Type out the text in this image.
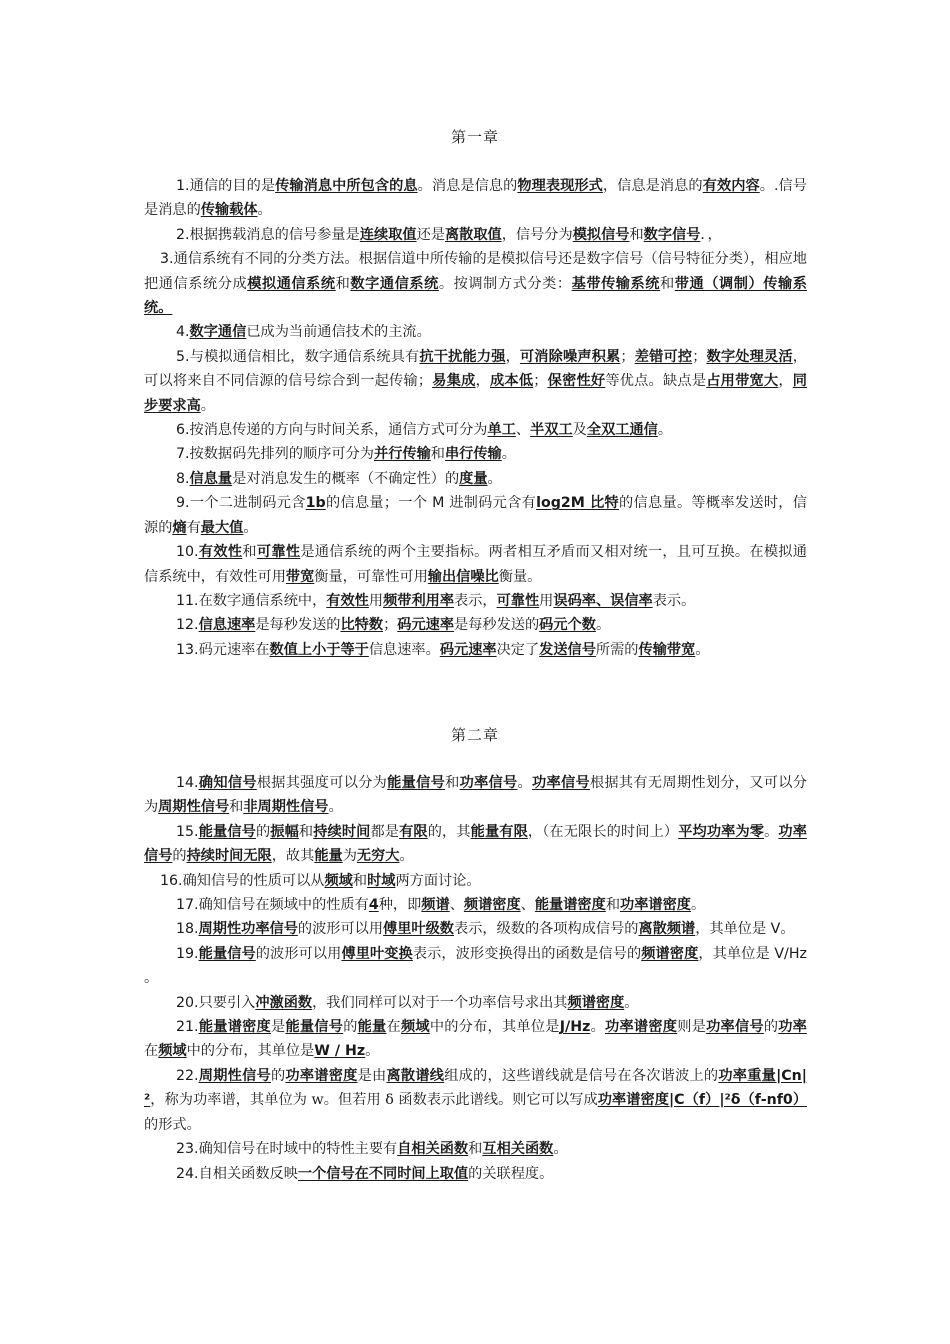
第一章

1.通信的目的是传输消息中所包含的息。消息是信息的物理表现形式，信息是消息的有效内容。.信号是消息的传输载体。

2.根据携载消息的信号参量是连续取值还是离散取值，信号分为模拟信号和数字信号．，

3.通信系统有不同的分类方法。根据信道中所传输的是模拟信号还是数字信号（信号特征分类），相应地把通信系统分成模拟通信系统和数字通信系统。按调制方式分类：基带传输系统和带通（调制）传输系统。

4.数字通信已成为当前通信技术的主流。

5.与模拟通信相比，数字通信系统具有抗干扰能力强，可消除噪声积累；差错可控；数字处理灵活，可以将来自不同信源的信号综合到一起传输；易集成，成本低；保密性好等优点。缺点是占用带宽大，同步要求高。

6.按消息传递的方向与时间关系，通信方式可分为单工、半双工及全双工通信。

7.按数据码先排列的顺序可分为并行传输和串行传输。

8.信息量是对消息发生的概率（不确定性）的度量。

9.一个二进制码元含1b的信息量；一个 M 进制码元含有log2M 比特的信息量。等概率发送时，信源的熵有最大值。

10.有效性和可靠性是通信系统的两个主要指标。两者相互矛盾而又相对统一，且可互换。在模拟通信系统中，有效性可用带宽衡量，可靠性可用输出信噪比衡量。

11.在数字通信系统中，有效性用频带利用率表示，可靠性用误码率、误信率表示。

12.信息速率是每秒发送的比特数；码元速率是每秒发送的码元个数。

13.码元速率在数值上小于等于信息速率。码元速率决定了发送信号所需的传输带宽。

第二章

14.确知信号根据其强度可以分为能量信号和功率信号。功率信号根据其有无周期性划分，又可以分为周期性信号和非周期性信号。

15.能量信号的振幅和持续时间都是有限的，其能量有限，（在无限长的时间上）平均功率为零。功率信号的持续时间无限，故其能量为无穷大。

16.确知信号的性质可以从频域和时域两方面讨论。

17.确知信号在频域中的性质有4种，即频谱、频谱密度、能量谱密度和功率谱密度。

18.周期性功率信号的波形可以用傅里叶级数表示，级数的各项构成信号的离散频谱，其单位是 V。

19.能量信号的波形可以用傅里叶变换表示，波形变换得出的函数是信号的频谱密度，其单位是 V/Hz 。

20.只要引入冲激函数，我们同样可以对于一个功率信号求出其频谱密度。

21.能量谱密度是能量信号的能量在频域中的分布，其单位是J/Hz。功率谱密度则是功率信号的功率在频域中的分布，其单位是W / Hz。

22.周期性信号的功率谱密度是由离散谱线组成的，这些谱线就是信号在各次谐波上的功率重量|Cn|²，称为功率谱，其单位为 w。但若用 δ 函数表示此谱线。则它可以写成功率谱密度|C（f）|²δ（f-nf0）的形式。

23.确知信号在时域中的特性主要有自相关函数和互相关函数。

24.自相关函数反映一个信号在不同时间上取值的关联程度。
